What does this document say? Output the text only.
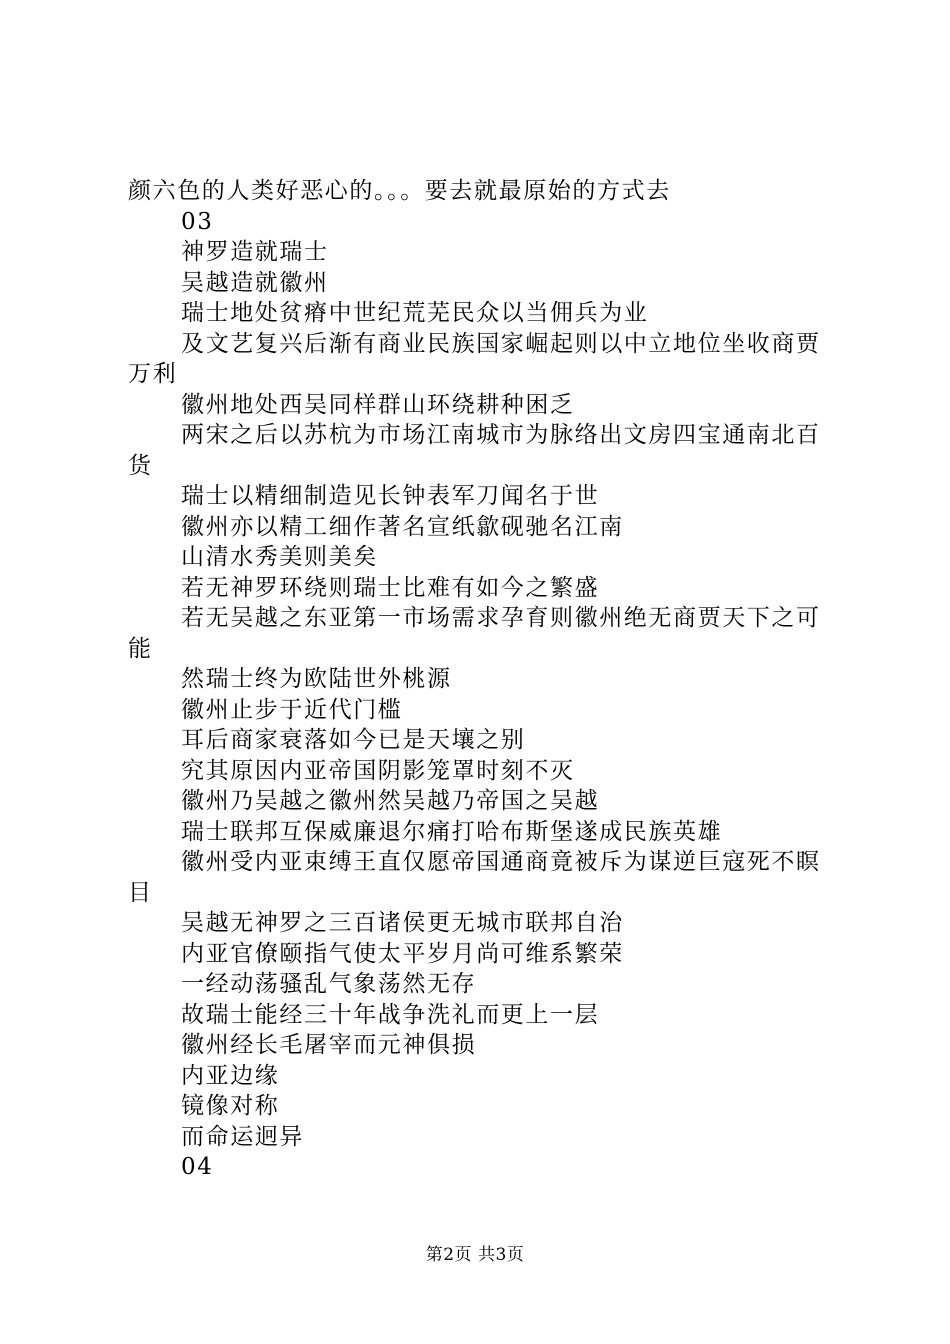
颜六色的人类好恶心的。。。要去就最原始的方式去

03

神罗造就瑞士

吴越造就徽州

瑞士地处贫瘠中世纪荒芜民众以当佣兵为业

及文艺复兴后渐有商业民族国家崛起则以中立地位坐收商贾万利

徽州地处西吴同样群山环绕耕种困乏

两宋之后以苏杭为市场江南城市为脉络出文房四宝通南北百货

瑞士以精细制造见长钟表军刀闻名于世

徽州亦以精工细作著名宣纸歙砚驰名江南

山清水秀美则美矣

若无神罗环绕则瑞士比难有如今之繁盛

若无吴越之东亚第一市场需求孕育则徽州绝无商贾天下之可能

然瑞士终为欧陆世外桃源

徽州止步于近代门槛

耳后商家衰落如今已是天壤之别

究其原因内亚帝国阴影笼罩时刻不灭

徽州乃吴越之徽州然吴越乃帝国之吴越

瑞士联邦互保威廉退尔痛打哈布斯堡遂成民族英雄

徽州受内亚束缚王直仅愿帝国通商竟被斥为谋逆巨寇死不瞑目

吴越无神罗之三百诸侯更无城市联邦自治

内亚官僚颐指气使太平岁月尚可维系繁荣

一经动荡骚乱气象荡然无存

故瑞士能经三十年战争洗礼而更上一层

徽州经长毛屠宰而元神俱损

内亚边缘

镜像对称

而命运迥异

04

第2页 共3页
